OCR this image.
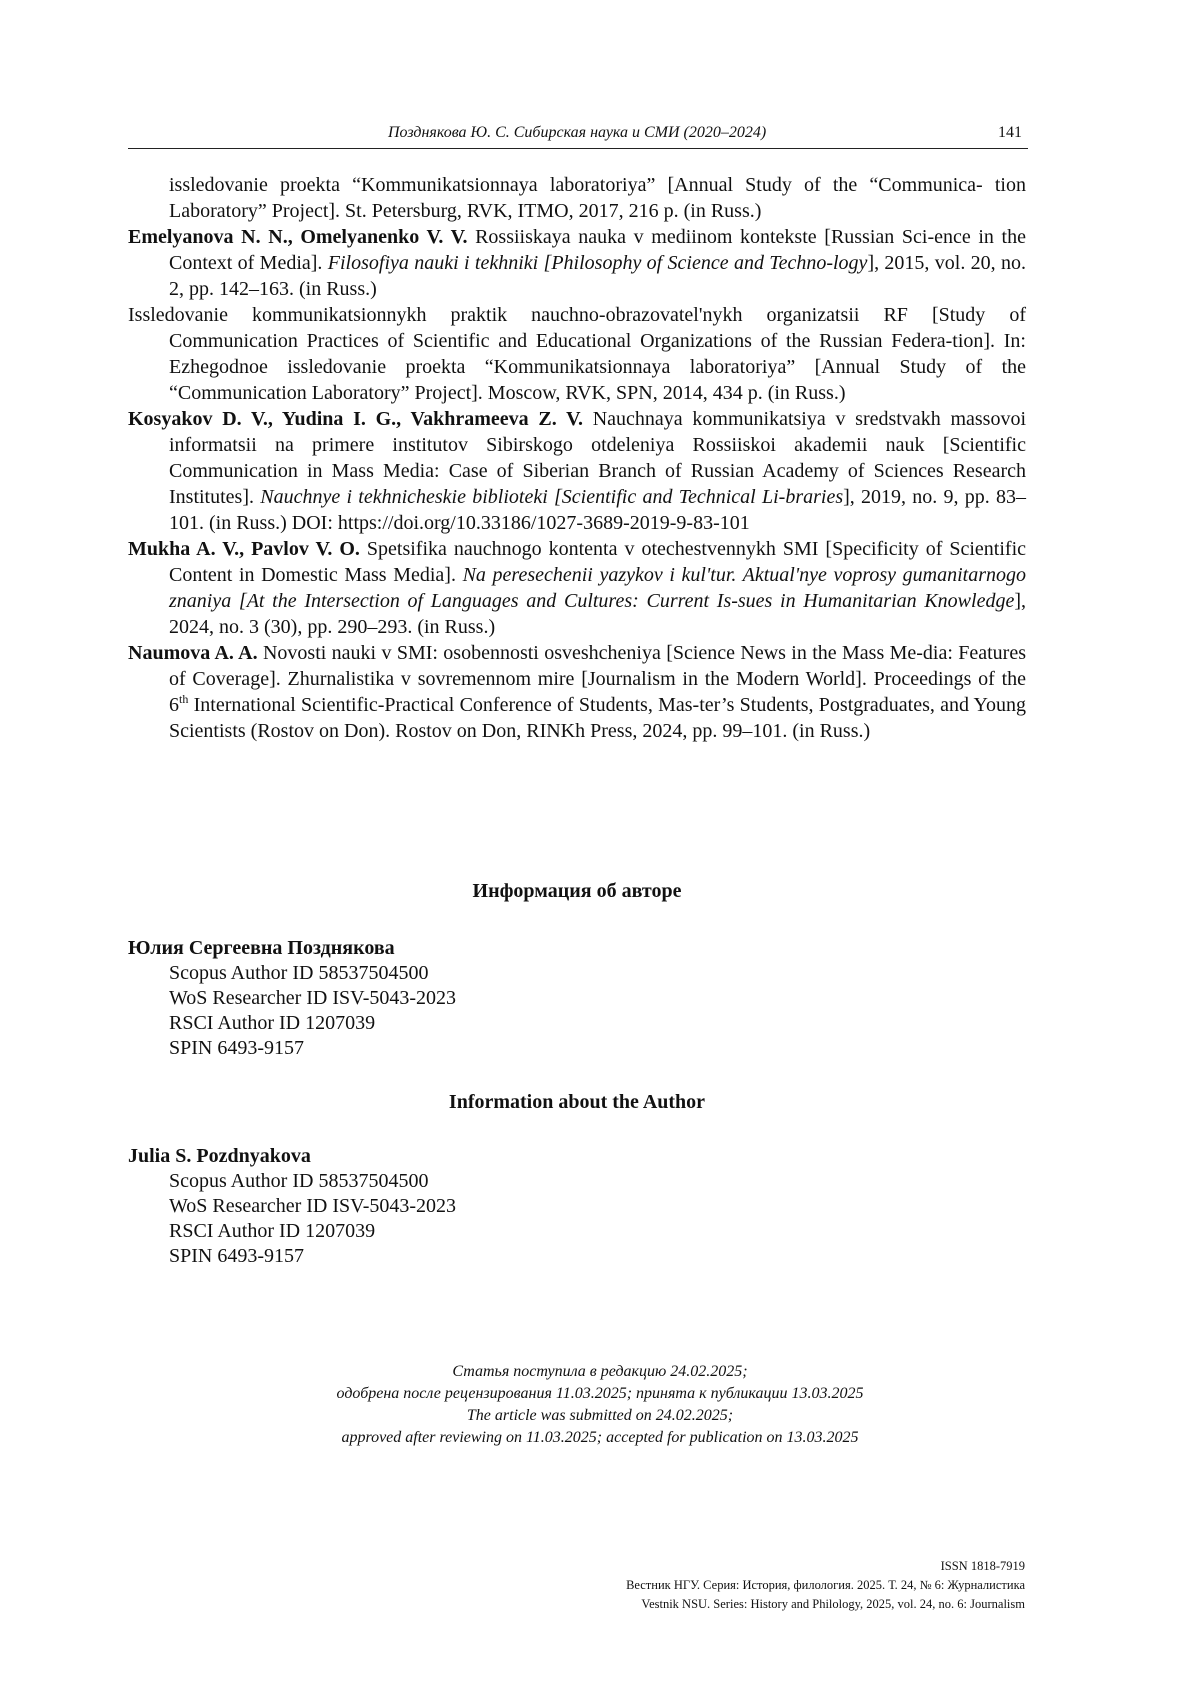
Позднякова Ю. С. Сибирская наука и СМИ (2020–2024)	141

issledovanie proekta “Kommunikatsionnaya laboratoriya” [Annual Study of the “Communica- tion Laboratory” Project]. St. Petersburg, RVK, ITMO, 2017, 216 p. (in Russ.)

Emelyanova N. N., Omelyanenko V. V. Rossiiskaya nauka v mediinom kontekste [Russian Sci-ence in the Context of Media]. Filosofiya nauki i tekhniki [Philosophy of Science and Techno-logy], 2015, vol. 20, no. 2, pp. 142–163. (in Russ.)

Issledovanie kommunikatsionnykh praktik nauchno-obrazovatel'nykh organizatsii RF [Study of Communication Practices of Scientific and Educational Organizations of the Russian Federa-tion]. In: Ezhegodnoe issledovanie proekta “Kommunikatsionnaya laboratoriya” [Annual Study of the “Communication Laboratory” Project]. Moscow, RVK, SPN, 2014, 434 p. (in Russ.)

Kosyakov D. V., Yudina I. G., Vakhrameeva Z. V. Nauchnaya kommunikatsiya v sredstvakh massovoi informatsii na primere institutov Sibirskogo otdeleniya Rossiiskoi akademii nauk [Scientific Communication in Mass Media: Case of Siberian Branch of Russian Academy of Sciences Research Institutes]. Nauchnye i tekhnicheskie biblioteki [Scientific and Technical Li-braries], 2019, no. 9, pp. 83–101. (in Russ.) DOI: https://doi.org/10.33186/1027-3689-2019-9-83-101

Mukha A. V., Pavlov V. O. Spetsifika nauchnogo kontenta v otechestvennykh SMI [Specificity of Scientific Content in Domestic Mass Media]. Na peresechenii yazykov i kul'tur. Aktual'nye voprosy gumanitarnogo znaniya [At the Intersection of Languages and Cultures: Current Is-sues in Humanitarian Knowledge], 2024, no. 3 (30), pp. 290–293. (in Russ.)

Naumova A. A. Novosti nauki v SMI: osobennosti osveshcheniya [Science News in the Mass Me-dia: Features of Coverage]. Zhurnalistika v sovremennom mire [Journalism in the Modern World]. Proceedings of the 6th International Scientific-Practical Conference of Students, Mas-ter’s Students, Postgraduates, and Young Scientists (Rostov on Don). Rostov on Don, RINKh Press, 2024, pp. 99–101. (in Russ.)

Информация об авторе
Юлия Сергеевна Позднякова
Scopus Author ID 58537504500
WoS Researcher ID ISV-5043-2023
RSCI Author ID 1207039
SPIN 6493-9157
Information about the Author
Julia S. Pozdnyakova
Scopus Author ID 58537504500
WoS Researcher ID ISV-5043-2023
RSCI Author ID 1207039
SPIN 6493-9157
Статья поступила в редакцию 24.02.2025;
одобрена после рецензирования 11.03.2025; принята к публикации 13.03.2025
The article was submitted on 24.02.2025;
approved after reviewing on 11.03.2025; accepted for publication on 13.03.2025
ISSN 1818-7919
Вестник НГУ. Серия: История, филология. 2025. Т. 24, № 6: Журналистика
Vestnik NSU. Series: History and Philology, 2025, vol. 24, no. 6: Journalism
